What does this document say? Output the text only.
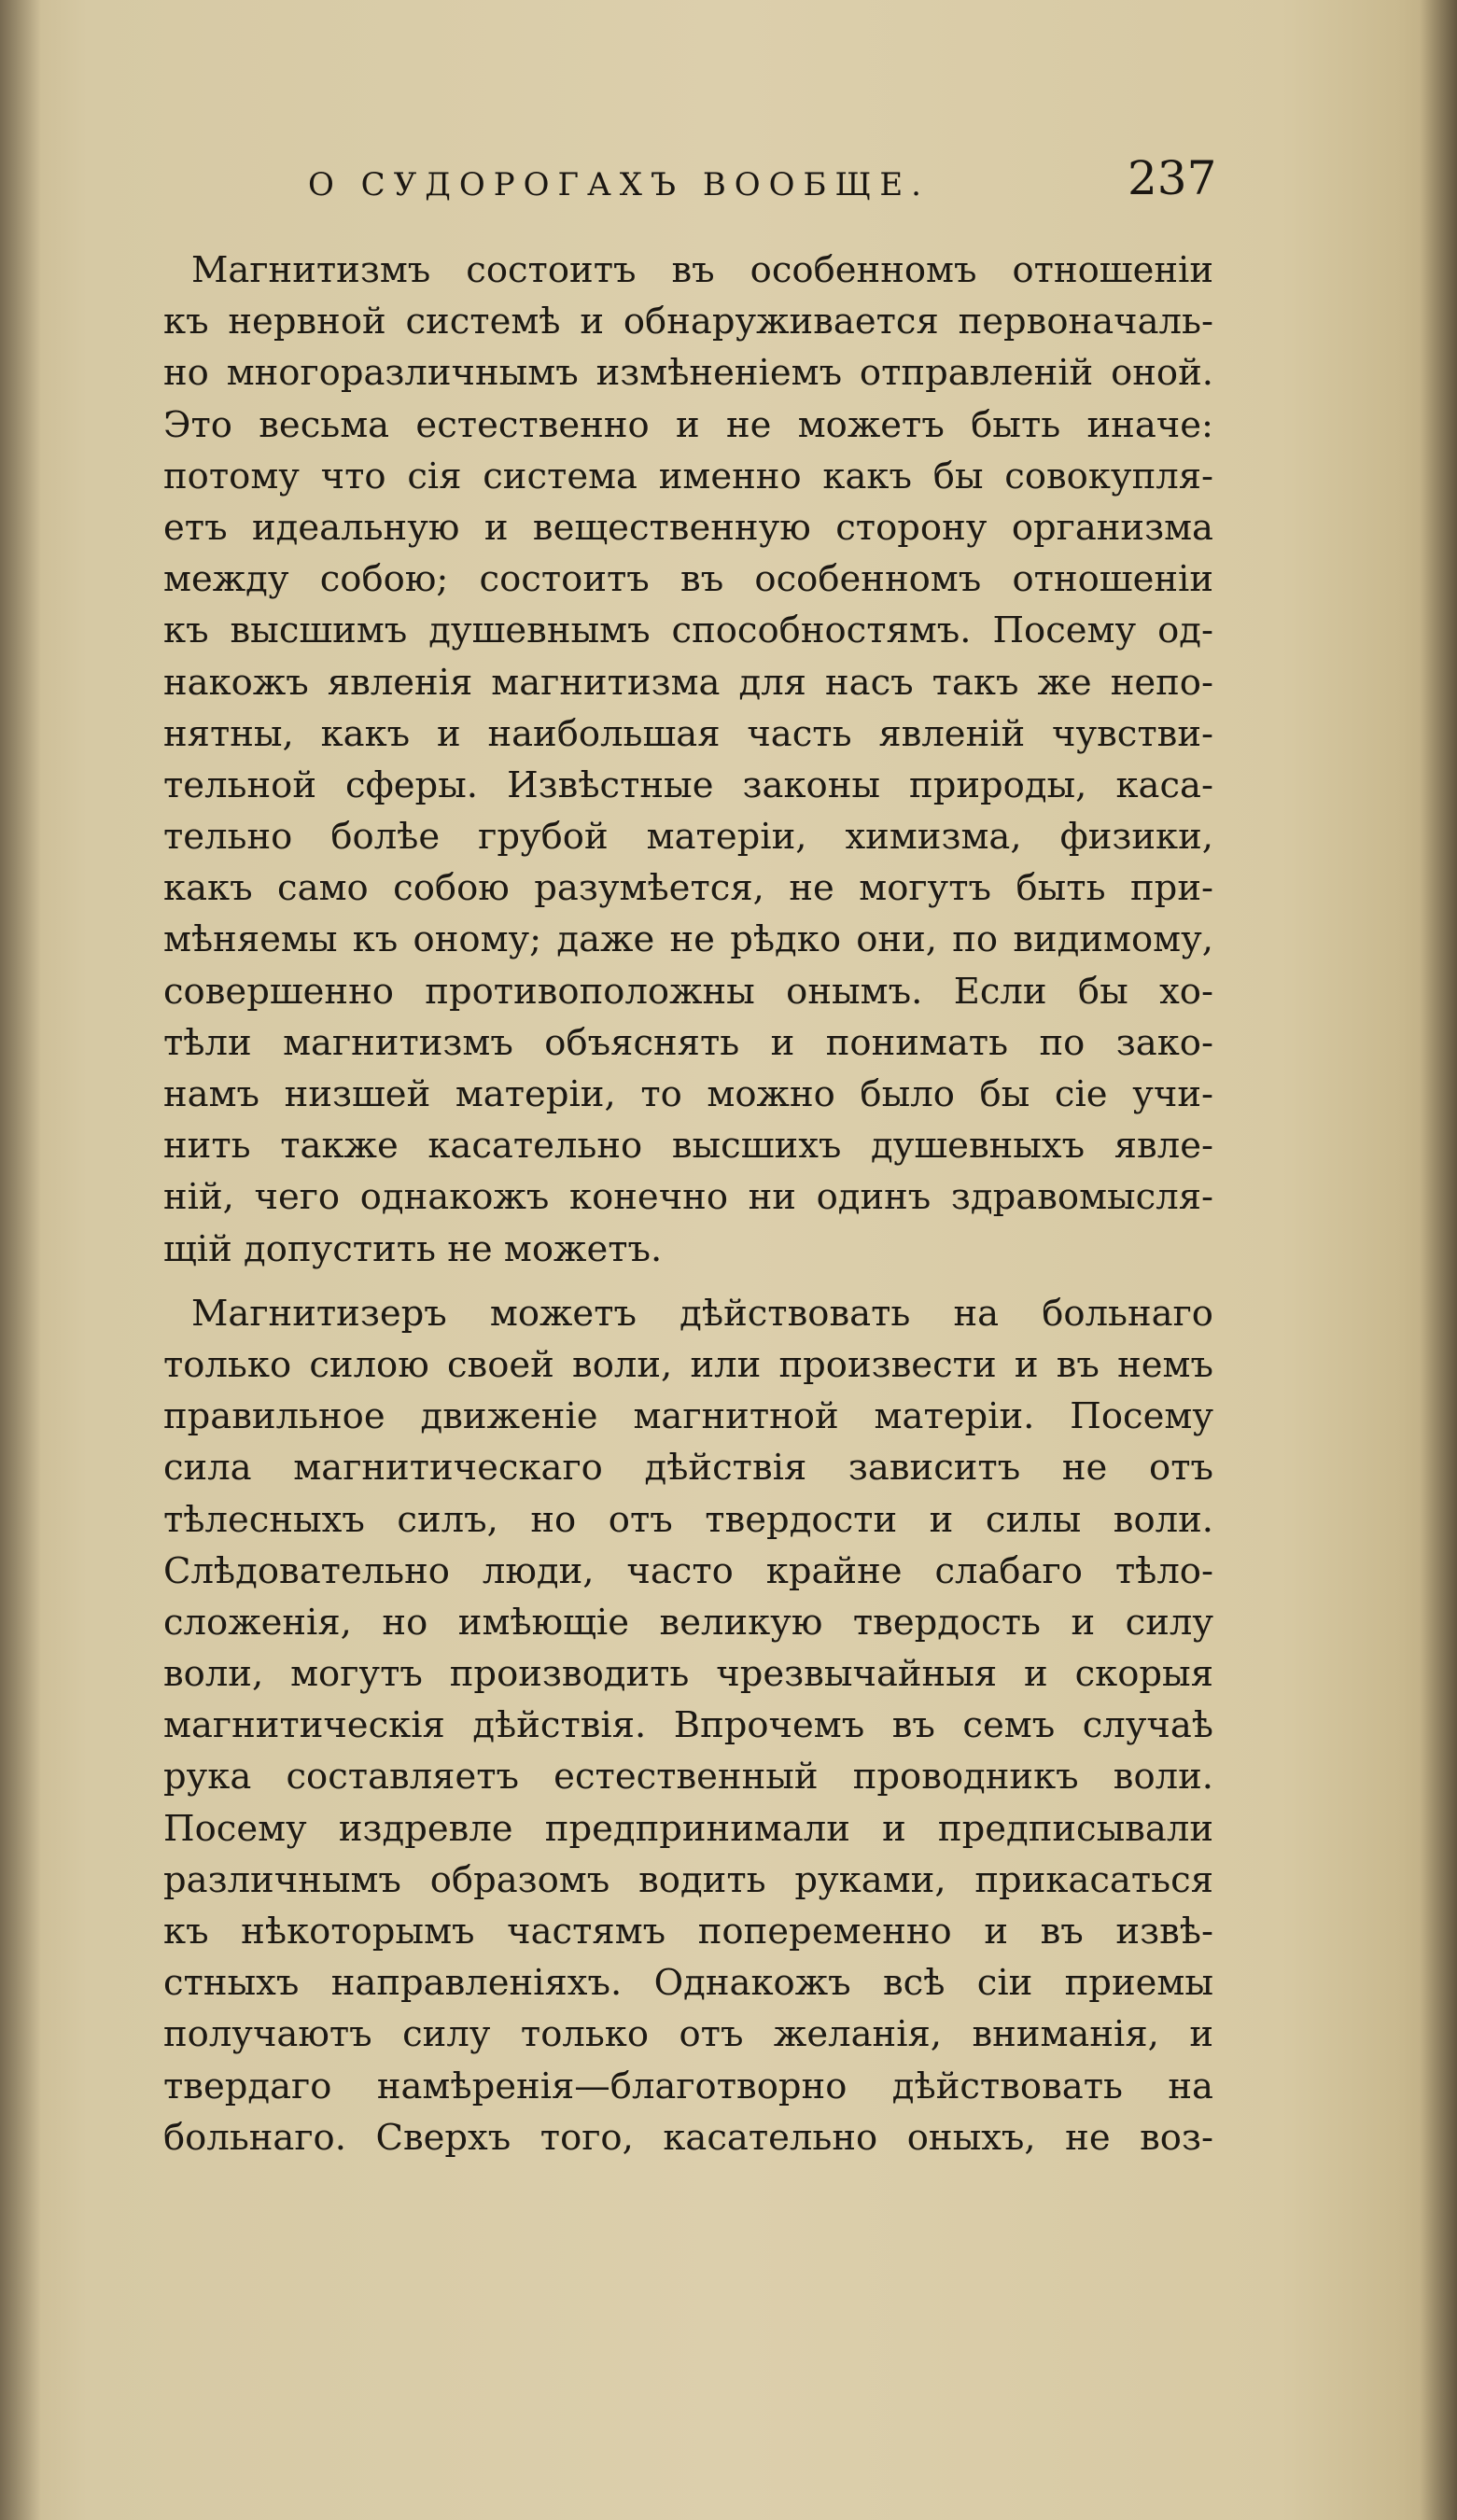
О СУДОРОГАХЪ ВООБЩЕ.	237
Магнитизмъ состоитъ въ особенномъ отношенiи
къ нервной системѣ и обнаруживается первоначаль-
но многоразличнымъ измѣненiемъ отправленiй оной.
Это весьма естественно и не можетъ быть иначе:
потому что сiя система именно какъ бы совокупля-
етъ идеальную и вещественную сторону организма
между собою; состоитъ въ особенномъ отношенiи
къ высшимъ душевнымъ способностямъ. Посему од-
накожъ явленiя магнитизма для насъ такъ же непо-
нятны, какъ и наибольшая часть явленiй чувстви-
тельной сферы. Извѣстные законы природы, каса-
тельно болѣе грубой матерiи, химизма, физики,
какъ само собою разумѣется, не могутъ быть при-
мѣняемы къ оному; даже не рѣдко они, по видимому,
совершенно противоположны онымъ. Если бы хо-
тѣли магнитизмъ объяснять и понимать по зако-
намъ низшей матерiи, то можно было бы сiе учи-
нить также касательно высшихъ душевныхъ явле-
нiй, чего однакожъ конечно ни одинъ здравомысля-
щiй допустить не можетъ.
Магнитизеръ можетъ дѣйствовать на больнаго
только силою своей воли, или произвести и въ немъ
правильное движенiе магнитной матерiи. Посему
сила магнитическаго дѣйствiя зависитъ не отъ
тѣлесныхъ силъ, но отъ твердости и силы воли.
Слѣдовательно люди, часто крайне слабаго тѣло-
сложенiя, но имѣющiе великую твердость и силу
воли, могутъ производить чрезвычайныя и скорыя
магнитическiя дѣйствiя. Впрочемъ въ семъ случаѣ
рука составляетъ естественный проводникъ воли.
Посему издревле предпринимали и предписывали
различнымъ образомъ водить руками, прикасаться
къ нѣкоторымъ частямъ попеременно и въ извѣ-
стныхъ направленiяхъ. Однакожъ всѣ сiи приемы
получаютъ силу только отъ желанiя, вниманiя, и
твердаго намѣренiя—благотворно дѣйствовать на
больнаго. Сверхъ того, касательно оныхъ, не воз-
